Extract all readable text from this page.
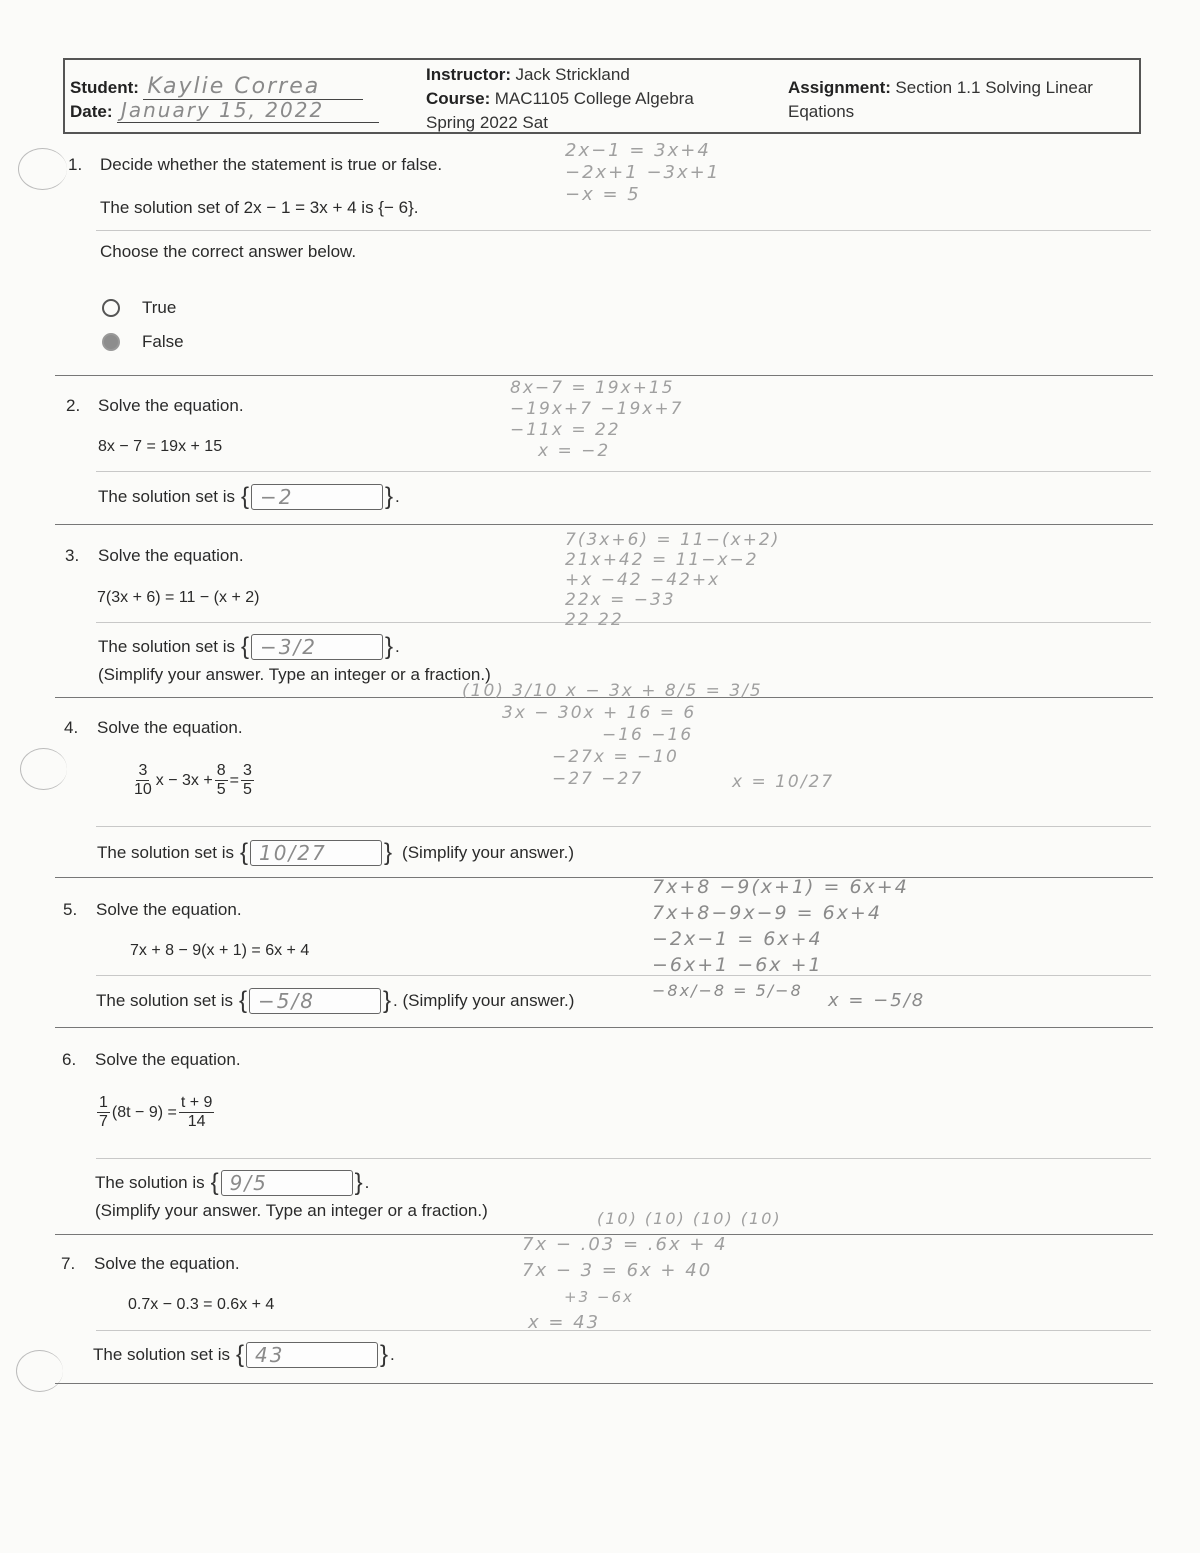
Student: Kaylie Correa
Date: January 15, 2022
Instructor: Jack Strickland
Course: MAC1105 College Algebra
Spring 2022 Sat
Assignment: Section 1.1 Solving Linear
Eqations
1. Decide whether the statement is true or false.
The solution set of 2x − 1 = 3x + 4 is {− 6}.
Choose the correct answer below.
True
False
2x−1 = 3x+4
−2x+1 −3x+1
−x = 5
2. Solve the equation.
8x − 7 = 19x + 15
The solution set is { −2	} .
8x−7 = 19x+15
−19x+7 −19x+7
−11x = 22
x = −2
3. Solve the equation.
7(3x + 6) = 11 − (x + 2)
The solution set is { −3/2	} .
(Simplify your answer. Type an integer or a fraction.)
7(3x+6) = 11−(x+2)
21x+42 = 11−x−2
+x −42 −42+x
22x = −33
22 22
4. Solve the equation.
$\frac{3}{10}$ $x - 3x + \frac{8}{5} = \frac{3}{5}$
The solution set is { 10/27	} (Simplify your answer.)
(10) 3/10 x − 3x + 8/5 = 3/5
3x − 30x + 16 = 6
−16 −16
−27x = −10
−27 −27	x = 10/27
5. Solve the equation.
7x + 8 − 9(x + 1) = 6x + 4
The solution set is { −5/8	} . (Simplify your answer.)
7x+8 −9(x+1) = 6x+4
7x+8−9x−9 = 6x+4
−2x−1 = 6x+4
−6x+1 −6x +1
−8x/−8 = 5/−8	x = −5/8
6. Solve the equation.
$\frac{1}{7} (8t - 9) = \frac{t + 9}{14}$
The solution is { 9/5	} .
(Simplify your answer. Type an integer or a fraction.)
7. Solve the equation.
0.7x − 0.3 = 0.6x + 4
The solution set is { 43	} .
(10) (10) (10) (10)
7x − .03 = .6x + 4
7x − 3 = 6x + 40
+3 −6x
x = 43
